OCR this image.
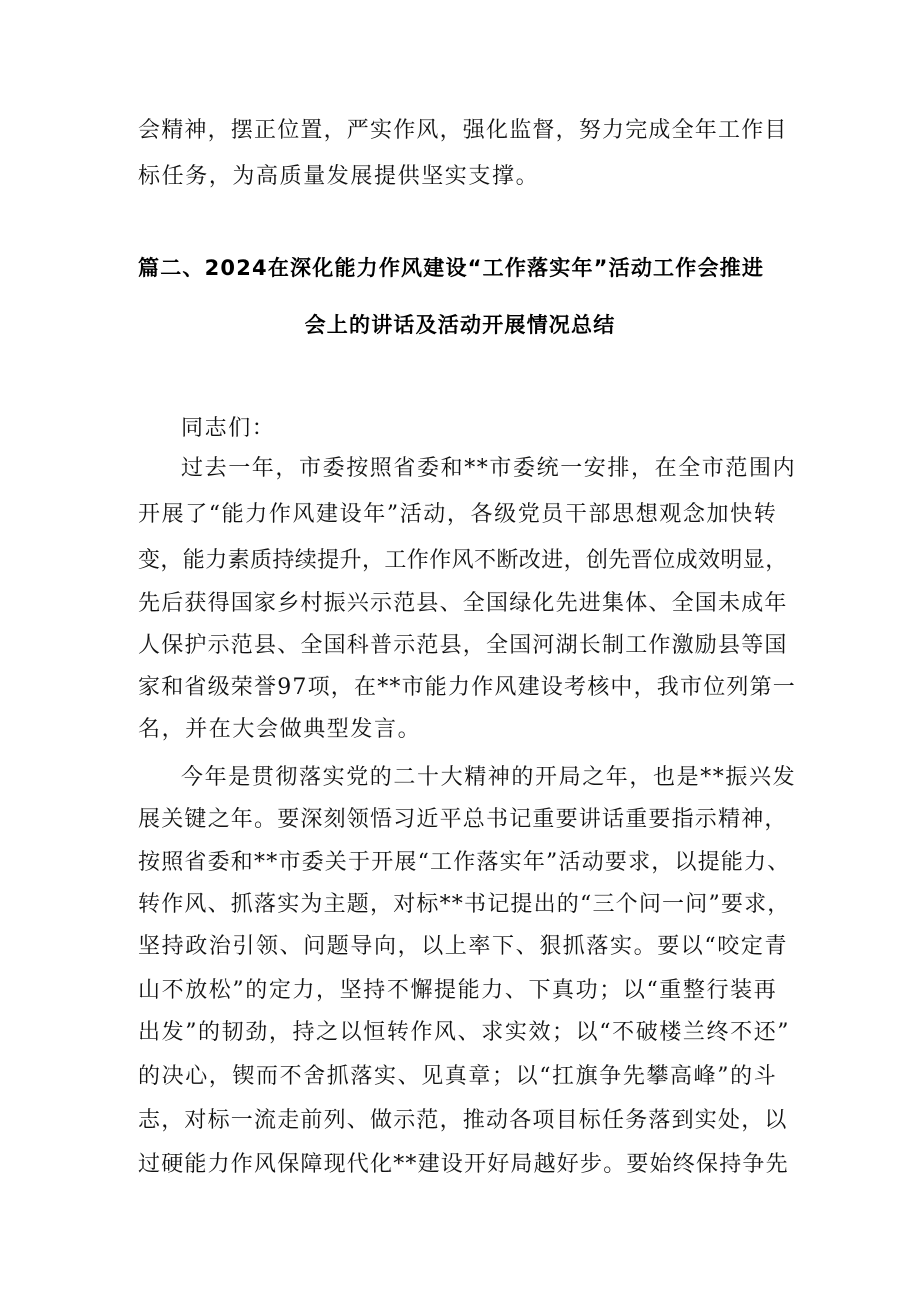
会精神，摆正位置，严实作风，强化监督，努力完成全年工作目
标任务，为高质量发展提供坚实支撑。
篇二、2024在深化能力作风建设“工作落实年”活动工作会推进
会上的讲话及活动开展情况总结
同志们：
过去一年，市委按照省委和**市委统一安排，在全市范围内
开展了“能力作风建设年”活动，各级党员干部思想观念加快转
变，能力素质持续提升，工作作风不断改进，创先晋位成效明显，
先后获得国家乡村振兴示范县、全国绿化先进集体、全国未成年
人保护示范县、全国科普示范县，全国河湖长制工作激励县等国
家和省级荣誉97项，在**市能力作风建设考核中，我市位列第一
名，并在大会做典型发言。
今年是贯彻落实党的二十大精神的开局之年，也是**振兴发
展关键之年。要深刻领悟习近平总书记重要讲话重要指示精神，
按照省委和**市委关于开展“工作落实年”活动要求，以提能力、
转作风、抓落实为主题，对标**书记提出的“三个问一问”要求，
坚持政治引领、问题导向，以上率下、狠抓落实。要以“咬定青
山不放松”的定力，坚持不懈提能力、下真功；以“重整行装再
出发”的韧劲，持之以恒转作风、求实效；以“不破楼兰终不还”
的决心，锲而不舍抓落实、见真章；以“扛旗争先攀高峰”的斗
志，对标一流走前列、做示范，推动各项目标任务落到实处，以
过硬能力作风保障现代化**建设开好局越好步。要始终保持争先
